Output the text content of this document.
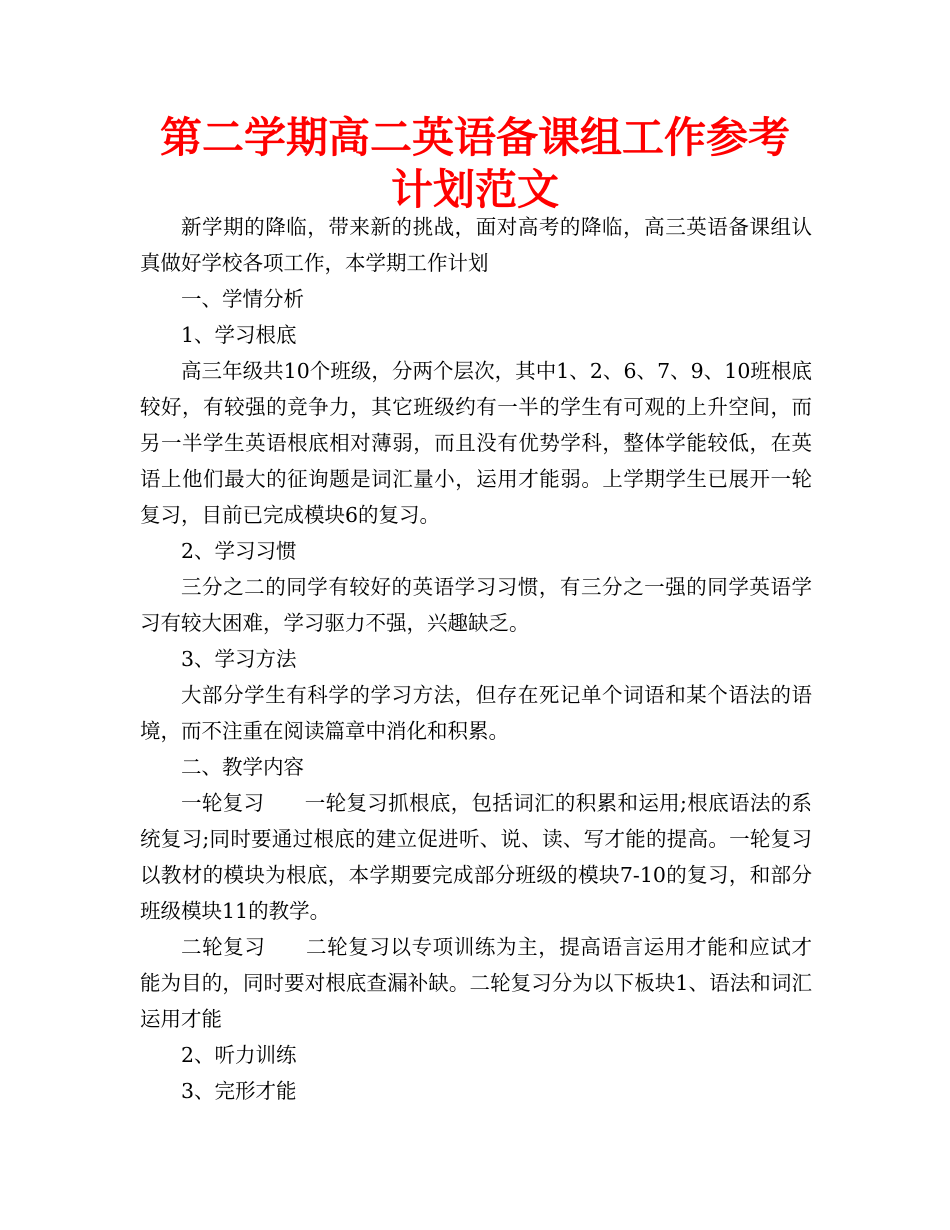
第二学期高二英语备课组工作参考计划范文

新学期的降临，带来新的挑战，面对高考的降临，高三英语备课组认真做好学校各项工作，本学期工作计划

一、学情分析

1、学习根底

高三年级共10个班级，分两个层次，其中1、2、6、7、9、10班根底较好，有较强的竞争力，其它班级约有一半的学生有可观的上升空间，而另一半学生英语根底相对薄弱，而且没有优势学科，整体学能较低，在英语上他们最大的征询题是词汇量小，运用才能弱。上学期学生已展开一轮复习，目前已完成模块6的复习。

2、学习习惯

三分之二的同学有较好的英语学习习惯，有三分之一强的同学英语学习有较大困难，学习驱力不强，兴趣缺乏。

3、学习方法

大部分学生有科学的学习方法，但存在死记单个词语和某个语法的语境，而不注重在阅读篇章中消化和积累。

二、教学内容

一轮复习 一轮复习抓根底，包括词汇的积累和运用;根底语法的系统复习;同时要通过根底的建立促进听、说、读、写才能的提高。一轮复习以教材的模块为根底，本学期要完成部分班级的模块7-10的复习，和部分班级模块11的教学。

二轮复习 二轮复习以专项训练为主，提高语言运用才能和应试才能为目的，同时要对根底查漏补缺。二轮复习分为以下板块1、语法和词汇运用才能

2、听力训练

3、完形才能
